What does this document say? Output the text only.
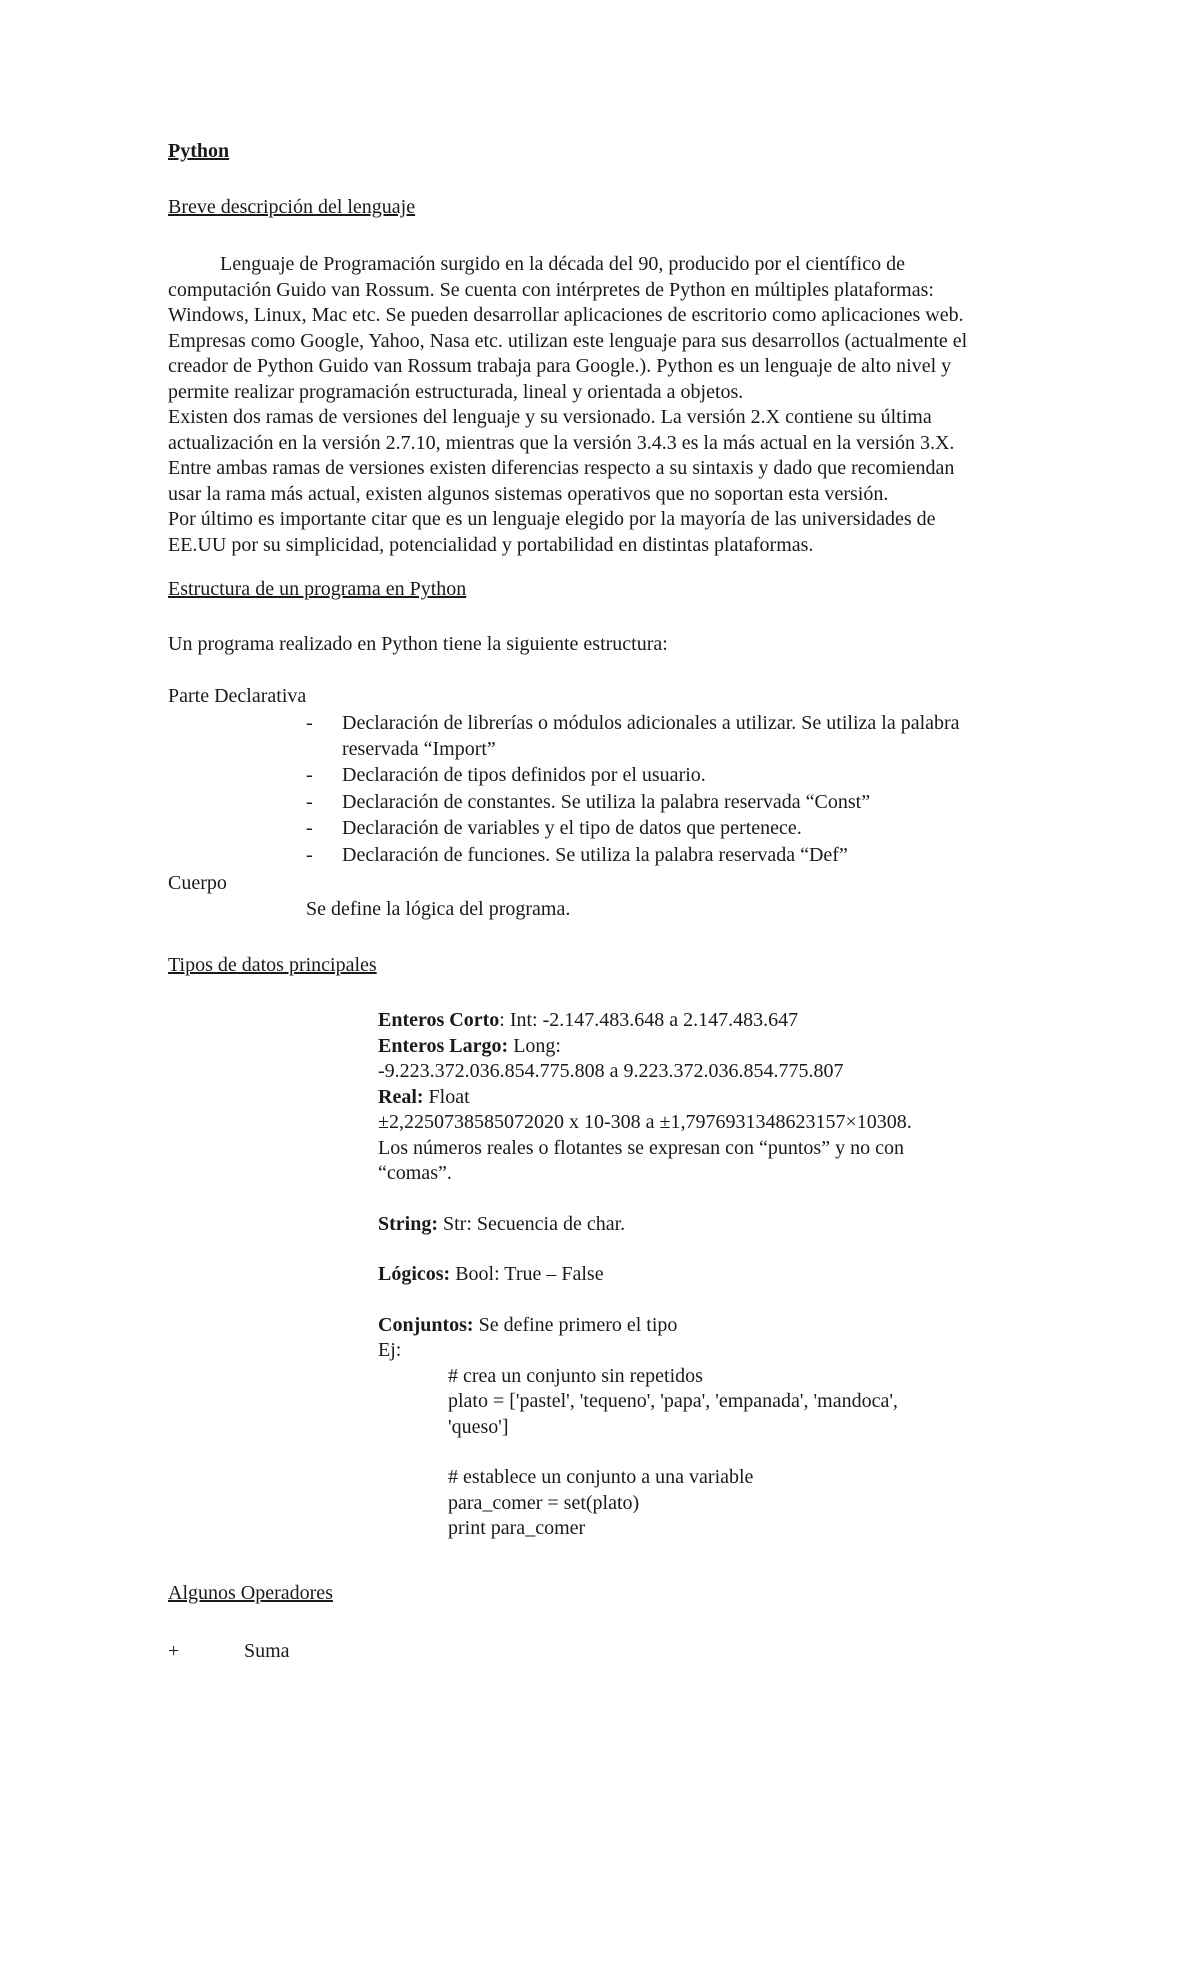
Python
Breve descripción del lenguaje
Lenguaje de Programación surgido en la década del 90, producido por el científico de
computación Guido van Rossum. Se cuenta con intérpretes de Python en múltiples plataformas:
Windows, Linux, Mac etc. Se pueden desarrollar aplicaciones de escritorio como aplicaciones web.
Empresas como Google, Yahoo, Nasa etc. utilizan este lenguaje para sus desarrollos (actualmente el
creador de Python Guido van Rossum trabaja para Google.). Python es un lenguaje de alto nivel y
permite realizar programación estructurada, lineal y orientada a objetos.
Existen dos ramas de versiones del lenguaje y su versionado. La versión 2.X contiene su última
actualización en la versión 2.7.10, mientras que la versión 3.4.3 es la más actual en la versión 3.X.
Entre ambas ramas de versiones existen diferencias respecto a su sintaxis y dado que recomiendan
usar la rama más actual, existen algunos sistemas operativos que no soportan esta versión.
Por último es importante citar que es un lenguaje elegido por la mayoría de las universidades de
EE.UU por su simplicidad, potencialidad y portabilidad en distintas plataformas.
Estructura de un programa en Python
Un programa realizado en Python tiene la siguiente estructura:
Parte Declarativa
- Declaración de librerías o módulos adicionales a utilizar. Se utiliza la palabra reservada “Import”
- Declaración de tipos definidos por el usuario.
- Declaración de constantes. Se utiliza la palabra reservada “Const”
- Declaración de variables y el tipo de datos que pertenece.
- Declaración de funciones. Se utiliza la palabra reservada “Def”
Cuerpo
Se define la lógica del programa.
Tipos de datos principales
Enteros Corto: Int: -2.147.483.648 a 2.147.483.647
Enteros Largo: Long:
-9.223.372.036.854.775.808 a 9.223.372.036.854.775.807
Real: Float
±2,2250738585072020 x 10-308 a ±1,7976931348623157×10308.
Los números reales o flotantes se expresan con “puntos” y no con
“comas”.
String: Str: Secuencia de char.
Lógicos: Bool: True – False
Conjuntos: Se define primero el tipo
Ej:
# crea un conjunto sin repetidos
plato = ['pastel', 'tequeno', 'papa', 'empanada', 'mandoca',
'queso']
# establece un conjunto a una variable
para_comer = set(plato)
print para_comer
Algunos Operadores
+	Suma
